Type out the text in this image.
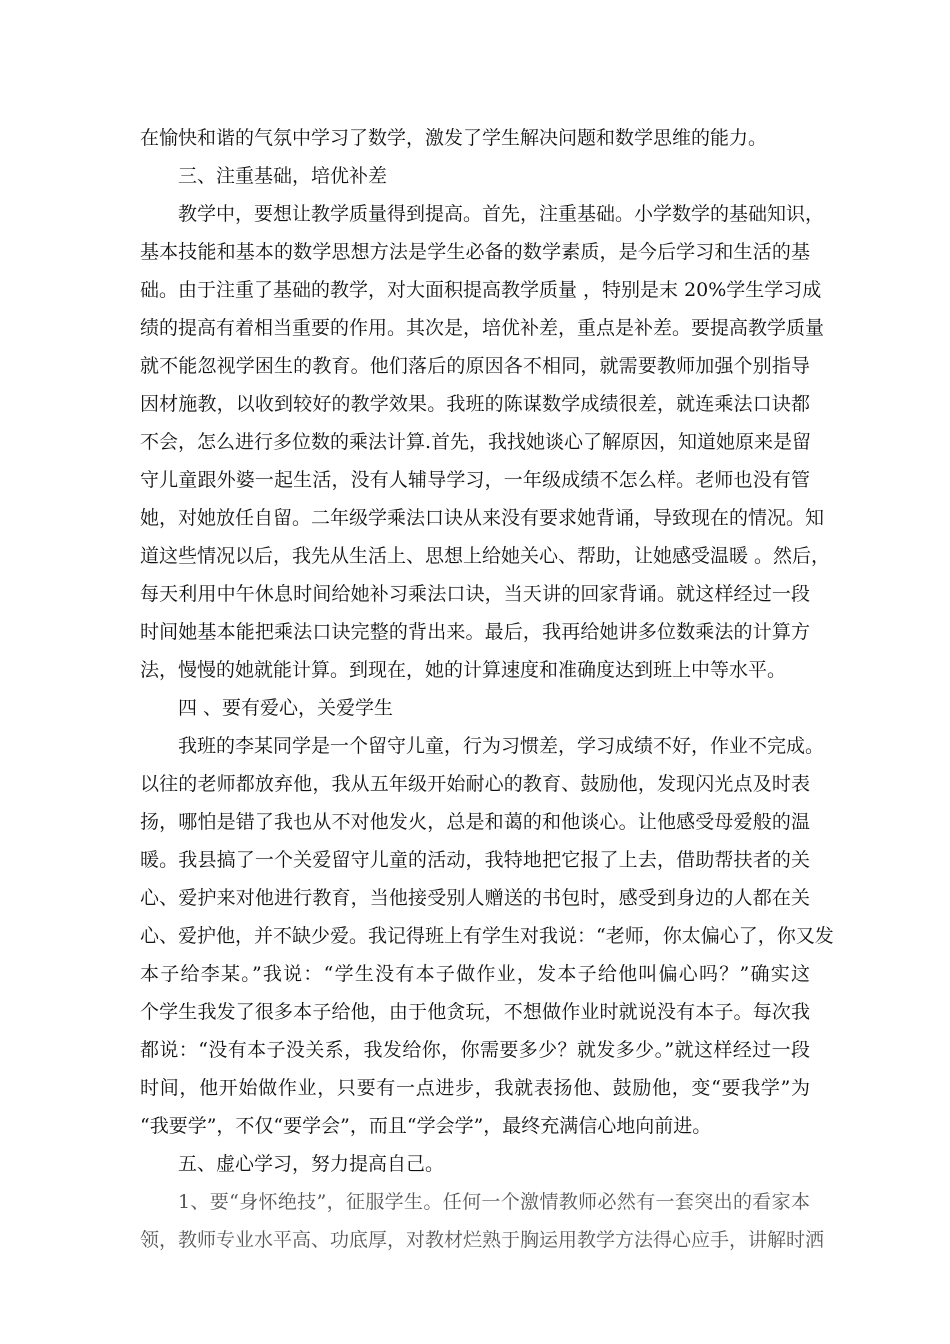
在愉快和谐的气氛中学习了数学，激发了学生解决问题和数学思维的能力。
三、注重基础，培优补差
教学中，要想让教学质量得到提高。首先，注重基础。小学数学的基础知识，
基本技能和基本的数学思想方法是学生必备的数学素质，是今后学习和生活的基
础。由于注重了基础的教学，对大面积提高教学质量 ，特别是末 20%学生学习成
绩的提高有着相当重要的作用。其次是，培优补差，重点是补差。要提高教学质量
就不能忽视学困生的教育。他们落后的原因各不相同，就需要教师加强个别指导
因材施教，以收到较好的教学效果。我班的陈谋数学成绩很差，就连乘法口诀都
不会，怎么进行多位数的乘法计算.首先，我找她谈心了解原因，知道她原来是留
守儿童跟外婆一起生活，没有人辅导学习，一年级成绩不怎么样。老师也没有管
她，对她放任自留。二年级学乘法口诀从来没有要求她背诵，导致现在的情况。知
道这些情况以后，我先从生活上、思想上给她关心、帮助，让她感受温暖 。然后，
每天利用中午休息时间给她补习乘法口诀，当天讲的回家背诵。就这样经过一段
时间她基本能把乘法口诀完整的背出来。最后，我再给她讲多位数乘法的计算方
法，慢慢的她就能计算。到现在，她的计算速度和准确度达到班上中等水平。
四 、要有爱心，关爱学生
我班的李某同学是一个留守儿童，行为习惯差，学习成绩不好，作业不完成。
以往的老师都放弃他，我从五年级开始耐心的教育、鼓励他，发现闪光点及时表
扬，哪怕是错了我也从不对他发火，总是和蔼的和他谈心。让他感受母爱般的温
暖。我县搞了一个关爱留守儿童的活动，我特地把它报了上去，借助帮扶者的关
心、爱护来对他进行教育，当他接受别人赠送的书包时，感受到身边的人都在关
心、爱护他，并不缺少爱。我记得班上有学生对我说：“老师，你太偏心了，你又发
本子给李某。”我说：“学生没有本子做作业，发本子给他叫偏心吗？”确实这
个学生我发了很多本子给他，由于他贪玩，不想做作业时就说没有本子。每次我
都说：“没有本子没关系，我发给你，你需要多少？就发多少。”就这样经过一段
时间，他开始做作业，只要有一点进步，我就表扬他、鼓励他，变“要我学”为
“我要学”，不仅“要学会”，而且“学会学”，最终充满信心地向前进。
五、虚心学习，努力提高自己。
1、要“身怀绝技”，征服学生。任何一个激情教师必然有一套突出的看家本
领，教师专业水平高、功底厚，对教材烂熟于胸运用教学方法得心应手，讲解时洒
